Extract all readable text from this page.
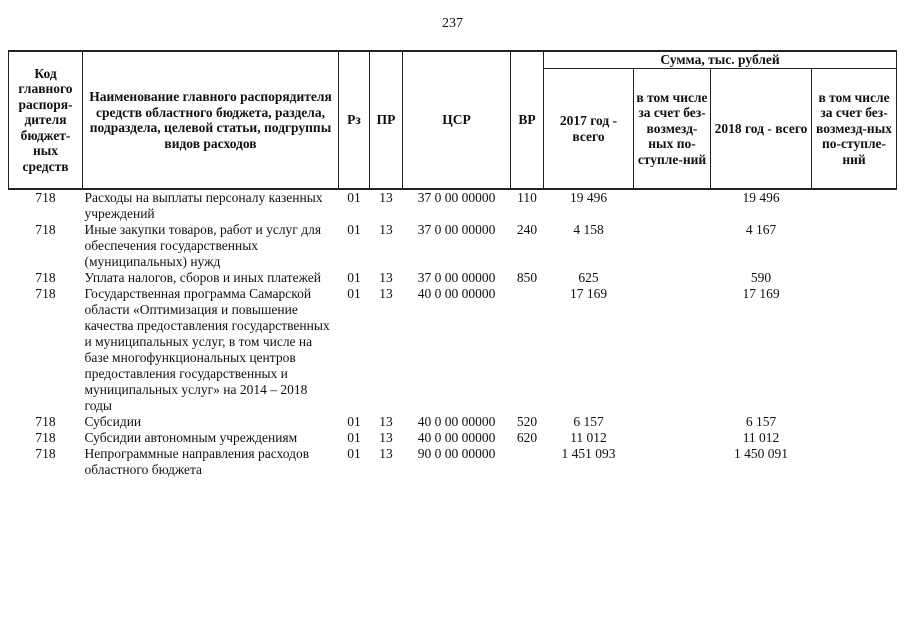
237
Код главного распоря-дителя бюджет-ных средств	Наименование главного распорядителя средств областного бюджета, раздела, подраздела, целевой статьи, подгруппы видов расходов	Рз	ПР	ЦСР	ВР	Сумма, тыс. рублей			
						2017 год - всего	в том числе за счет без-возмезд-ных по-ступле-ний	2018 год - всего	в том числе за счет без-возмезд-ных по-ступле-ний
718	Расходы на выплаты персоналу казенных учреждений	01	13	37 0 00 00000	110	19 496		19 496	
718	Иные закупки товаров, работ и услуг для обеспечения государственных (муниципальных) нужд	01	13	37 0 00 00000	240	4 158		4 167	
718	Уплата налогов, сборов и иных платежей	01	13	37 0 00 00000	850	625		590	
718	Государственная программа Самарской области «Оптимизация и повышение качества предоставления государственных и муниципальных услуг, в том числе на базе многофункциональных центров предоставления государственных и муниципальных услуг» на 2014 – 2018 годы	01	13	40 0 00 00000		17 169		17 169	
718	Субсидии	01	13	40 0 00 00000	520	6 157		6 157	
718	Субсидии автономным учреждениям	01	13	40 0 00 00000	620	11 012		11 012	
718	Непрограммные направления расходов областного бюджета	01	13	90 0 00 00000		1 451 093		1 450 091	
